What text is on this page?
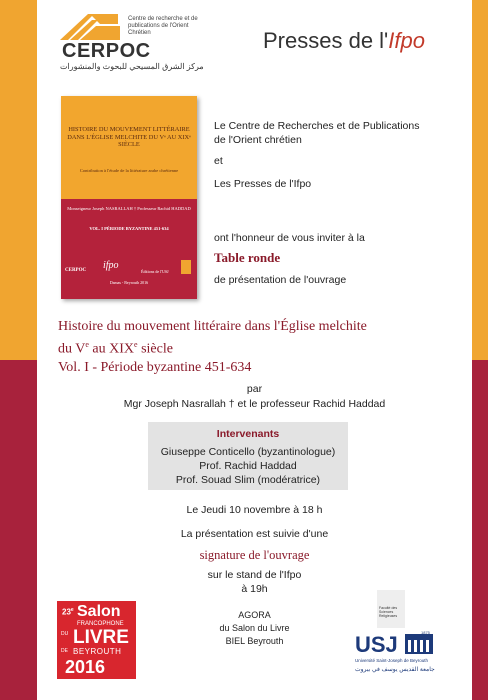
CERPOC
Centre de recherche et de publications de l'Orient Chrétien
مركز الشرق المسيحي للبحوث والمنشورات
Presses de l'Ifpo
HISTOIRE DU MOUVEMENT LITTÉRAIRE DANS L'ÉGLISE MELCHITE DU Vᵉ AU XIXᵉ SIÈCLE
Contribution à l'étude de la littérature arabe chrétienne
Monseigneur Joseph NASRALLAH † Professeur Rachid HADDAD
VOL. I PÉRIODE BYZANTINE 451-634
CERPOC ifpo
Éditions de l'USJ
Damas - Beyrouth 2016
Le Centre de Recherches et de Publications
de l'Orient chrétien
et
Les Presses de l'Ifpo
ont l'honneur de vous inviter à la
Table ronde
de présentation de l'ouvrage
Histoire du mouvement littéraire dans l'Église melchite
du Ve au XIXe siècle
Vol. I - Période byzantine 451-634
par
Mgr Joseph Nasrallah † et le professeur Rachid Haddad
Intervenants
Giuseppe Conticello (byzantinologue)
Prof. Rachid Haddad
Prof. Souad Slim (modératrice)
Le Jeudi 10 novembre à 18 h
La présentation est suivie d'une
signature de l'ouvrage
sur le stand de l'Ifpo
à 19h
AGORA
du Salon du Livre
BIEL Beyrouth
23e Salon
FRANCOPHONE
DU LIVRE
DE BEYROUTH
2016
Faculté des Sciences Religieuses
USJ	1875
Université Saint-Joseph de Beyrouth
جامعة القديس يوسف في بيروت
